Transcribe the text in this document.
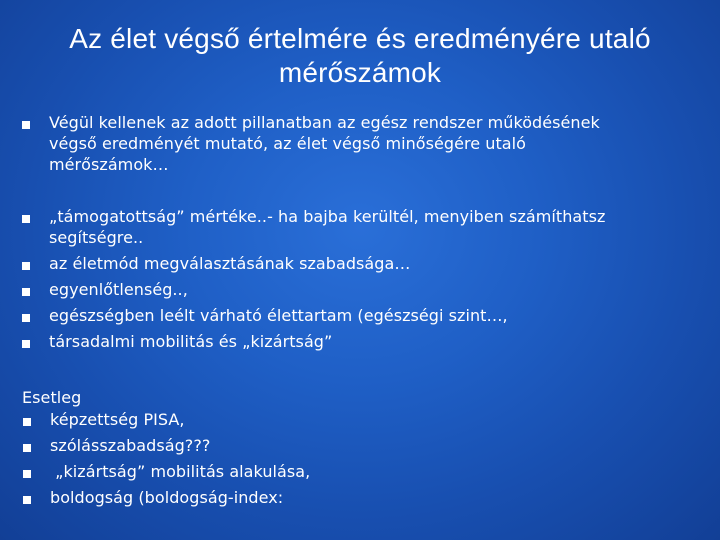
Az élet végső értelmére és eredményére utaló
mérőszámok
Végül kellenek az adott pillanatban az egész rendszer működésének
végső eredményét mutató, az élet végső minőségére utaló
mérőszámok…
„támogatottság” mértéke..- ha bajba kerültél, menyiben számíthatsz
segítségre..
az életmód megválasztásának szabadsága…
egyenlőtlenség..,
egészségben leélt várható élettartam (egészségi szint…,
társadalmi mobilitás és „kizártság”
Esetleg
képzettség PISA,
szólásszabadság???
„kizártság” mobilitás alakulása,
boldogság (boldogság-index:
